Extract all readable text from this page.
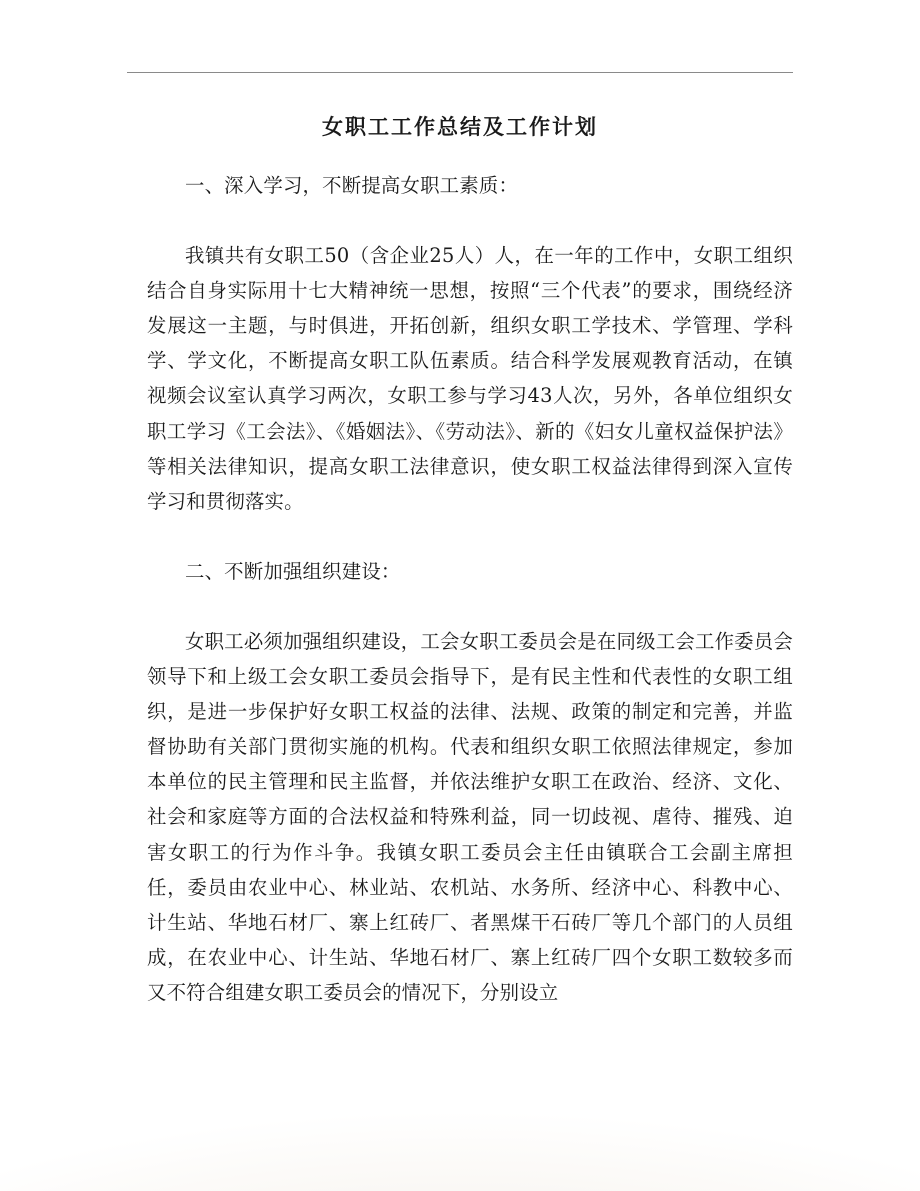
女职工工作总结及工作计划

一、深入学习，不断提高女职工素质：

我镇共有女职工50（含企业25人）人，在一年的工作中，女职工组织结合自身实际用十七大精神统一思想，按照“三个代表”的要求，围绕经济发展这一主题，与时俱进，开拓创新，组织女职工学技术、学管理、学科学、学文化，不断提高女职工队伍素质。结合科学发展观教育活动，在镇视频会议室认真学习两次，女职工参与学习43人次，另外，各单位组织女职工学习《工会法》、《婚姻法》、《劳动法》、新的《妇女儿童权益保护法》等相关法律知识，提高女职工法律意识，使女职工权益法律得到深入宣传学习和贯彻落实。

二、不断加强组织建设：

女职工必须加强组织建设，工会女职工委员会是在同级工会工作委员会领导下和上级工会女职工委员会指导下，是有民主性和代表性的女职工组织，是进一步保护好女职工权益的法律、法规、政策的制定和完善，并监督协助有关部门贯彻实施的机构。代表和组织女职工依照法律规定，参加本单位的民主管理和民主监督，并依法维护女职工在政治、经济、文化、社会和家庭等方面的合法权益和特殊利益，同一切歧视、虐待、摧残、迫害女职工的行为作斗争。我镇女职工委员会主任由镇联合工会副主席担任，委员由农业中心、林业站、农机站、水务所、经济中心、科教中心、计生站、华地石材厂、寨上红砖厂、者黑煤干石砖厂等几个部门的人员组成，在农业中心、计生站、华地石材厂、寨上红砖厂四个女职工数较多而又不符合组建女职工委员会的情况下，分别设立
